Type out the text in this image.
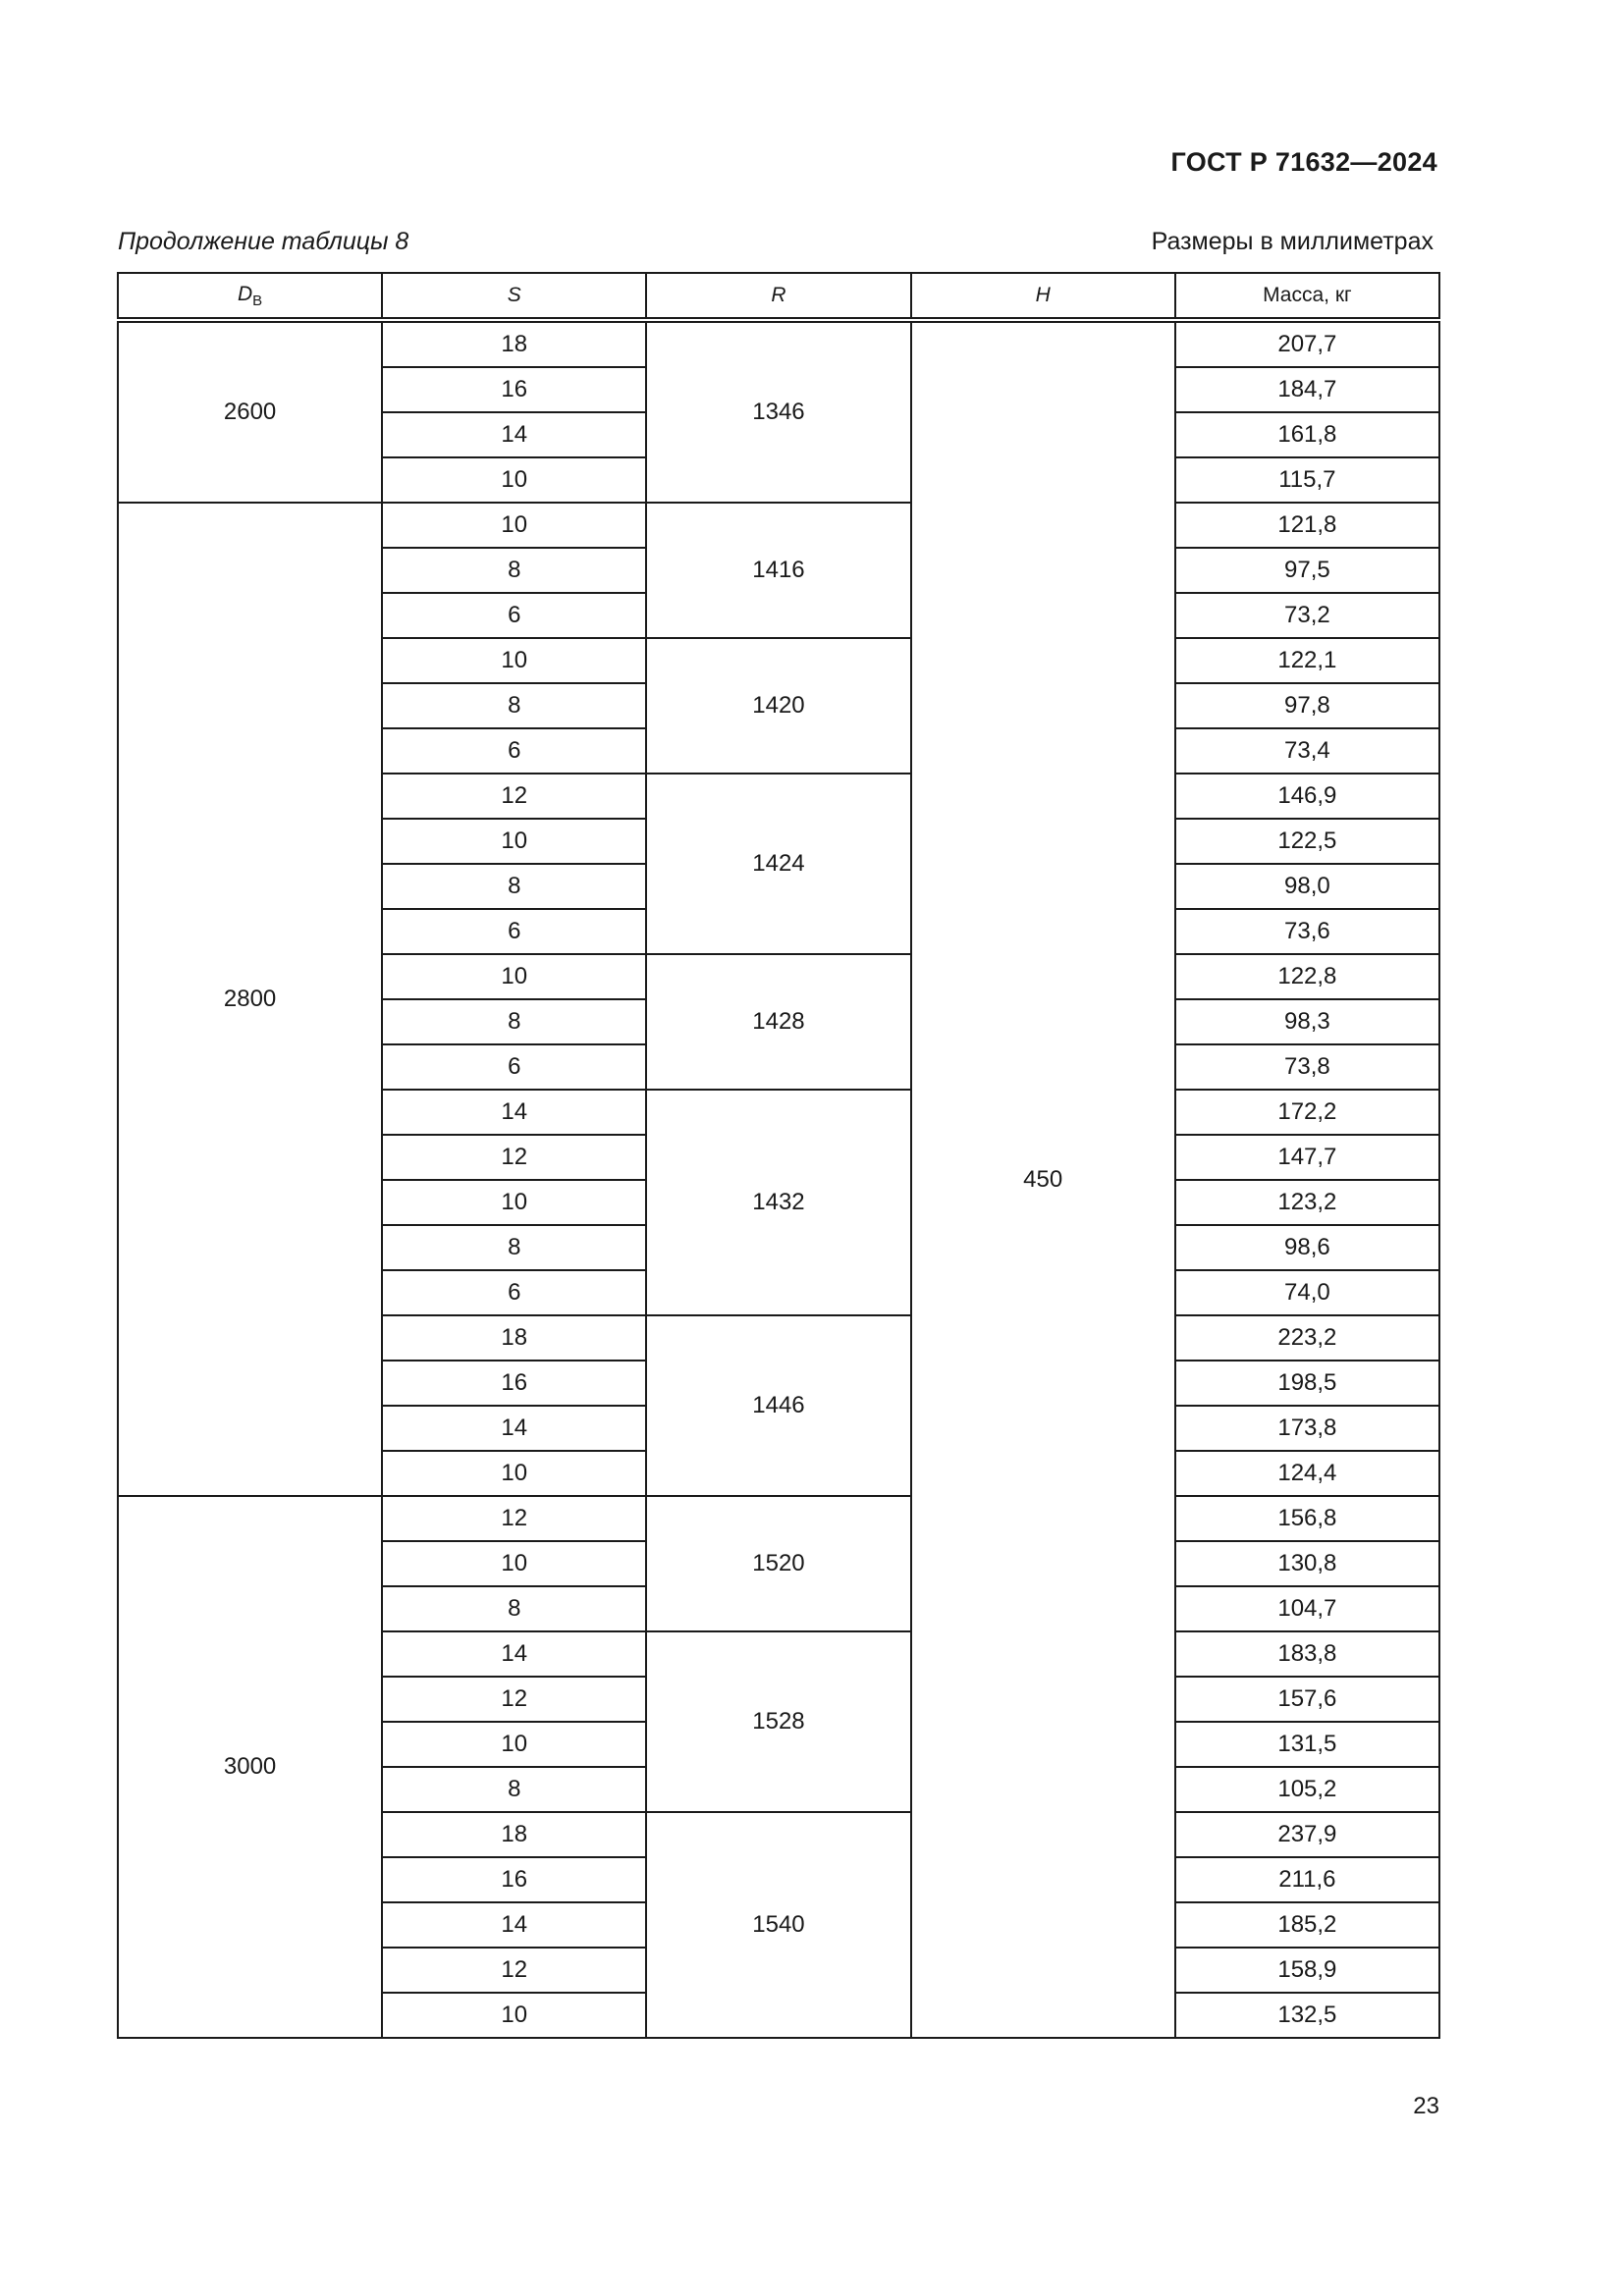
ГОСТ Р 71632—2024
Продолжение таблицы 8	Размеры в миллиметрах
$D_B$	S	R	H	Масса, кг
2600	18	1346	450	207,7
	16			184,7
	14			161,8
	10			115,7
2800	10	1416		121,8
	8			97,5
	6			73,2
	10	1420		122,1
	8			97,8
	6			73,4
	12	1424		146,9
	10			122,5
	8			98,0
	6			73,6
	10	1428		122,8
	8			98,3
	6			73,8
	14	1432		172,2
	12			147,7
	10			123,2
	8			98,6
	6			74,0
	18	1446		223,2
	16			198,5
	14			173,8
	10			124,4
3000	12	1520		156,8
	10			130,8
	8			104,7
	14	1528		183,8
	12			157,6
	10			131,5
	8			105,2
	18	1540		237,9
	16			211,6
	14			185,2
	12			158,9
	10			132,5
23
